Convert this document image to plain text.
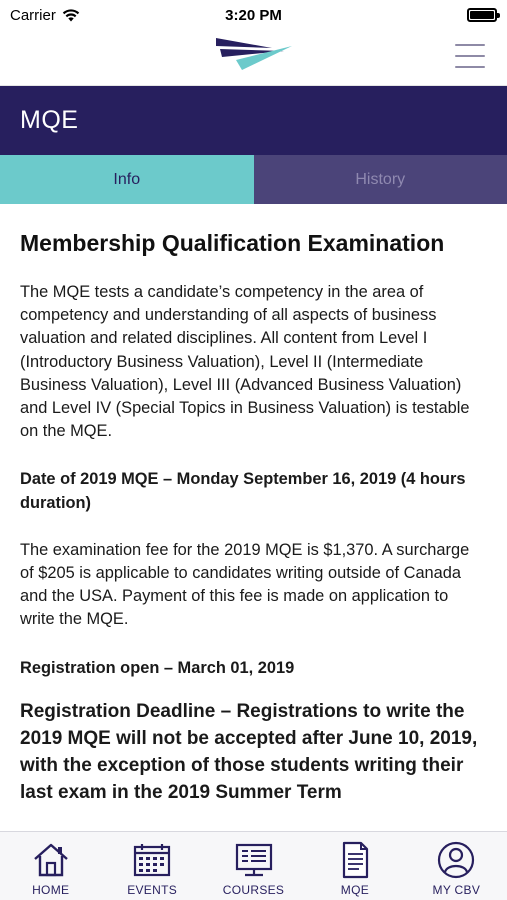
Carrier	3:20 PM
MQE
Info	History
Membership Qualification Examination

The MQE tests a candidate’s competency in the area of competency and understanding of all aspects of business valuation and related disciplines. All content from Level I (Introductory Business Valuation), Level II (Intermediate Business Valuation), Level III (Advanced Business Valuation) and Level IV (Special Topics in Business Valuation) is testable on the MQE.

Date of 2019 MQE – Monday September 16, 2019 (4 hours duration)

The examination fee for the 2019 MQE is $1,370. A surcharge of $205 is applicable to candidates writing outside of Canada and the USA. Payment of this fee is made on application to write the MQE.

Registration open – March 01, 2019

Registration Deadline – Registrations to write the 2019 MQE will not be accepted after June 10, 2019, with the exception of those students writing their last exam in the 2019 Summer Term

HOME	EVENTS	COURSES	MQE	MY CBV
